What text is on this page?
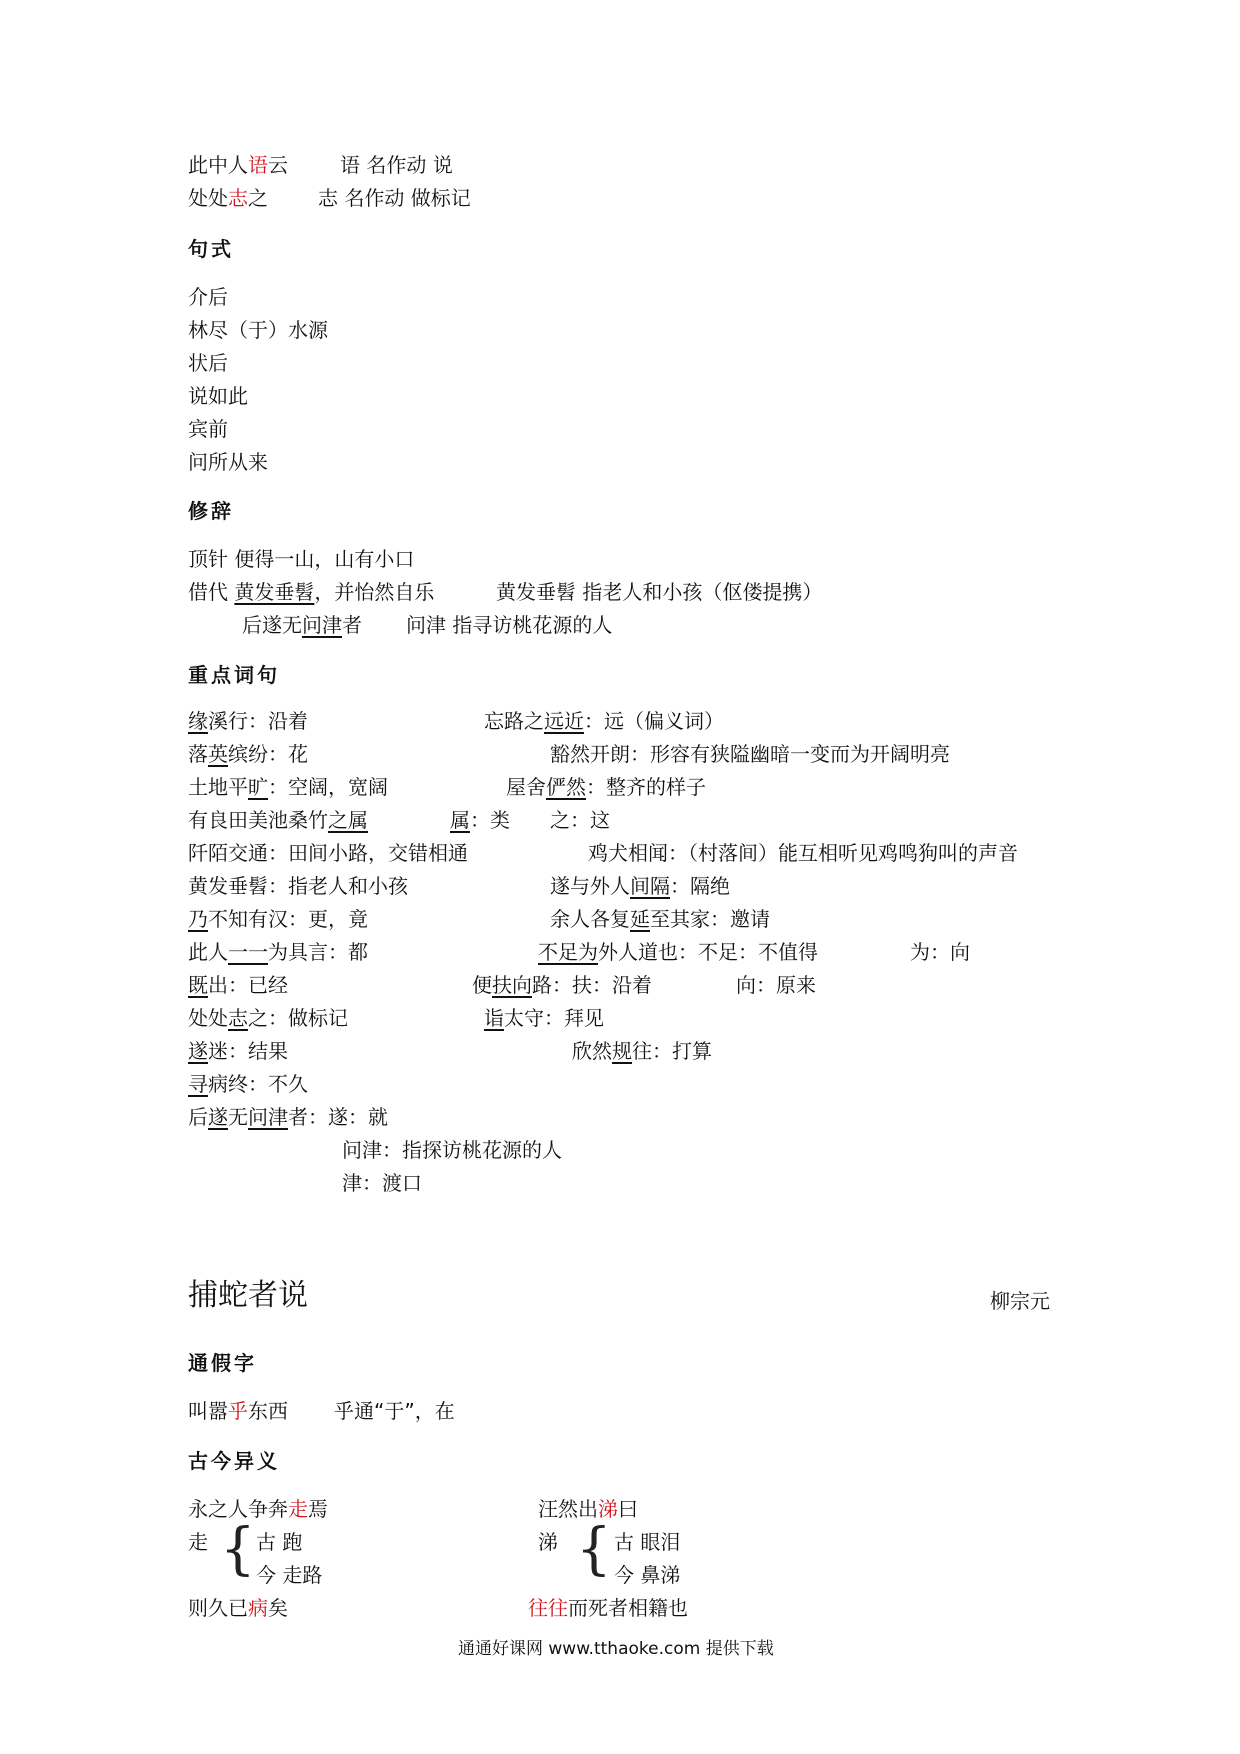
此中人语云	语 名作动 说
处处志之	志 名作动 做标记
句式
介后
林尽（于）水源
状后
说如此
宾前
问所从来
修辞
顶针 便得一山，山有小口
借代 黄发垂髫，并怡然自乐	黄发垂髫 指老人和小孩（伛偻提携）
后遂无问津者 问津 指寻访桃花源的人
重点词句
缘溪行：沿着	忘路之远近：远（偏义词）
落英缤纷：花	豁然开朗：形容有狭隘幽暗一变而为开阔明亮
土地平旷：空阔，宽阔	屋舍俨然：整齐的样子
有良田美池桑竹之属	属：类 之：这
阡陌交通：田间小路，交错相通	鸡犬相闻：（村落间）能互相听见鸡鸣狗叫的声音
黄发垂髫：指老人和小孩	遂与外人间隔：隔绝
乃不知有汉：更，竟	余人各复延至其家：邀请
此人一一为具言：都	不足为外人道也：不足：不值得	为：向
既出：已经	便扶向路：扶：沿着	向：原来
处处志之：做标记	诣太守：拜见
遂迷：结果	欣然规往：打算
寻病终：不久
后遂无问津者：遂：就
问津：指探访桃花源的人
津：渡口
捕蛇者说	柳宗元
通假字
叫嚣乎东西 乎通“于”，在
古今异义
永之人争奔走焉	汪然出涕曰
走 { 古 跑
今 走路
涕 { 古 眼泪
今 鼻涕
则久已病矣	往往而死者相籍也
通通好课网 www.tthaoke.com 提供下载
